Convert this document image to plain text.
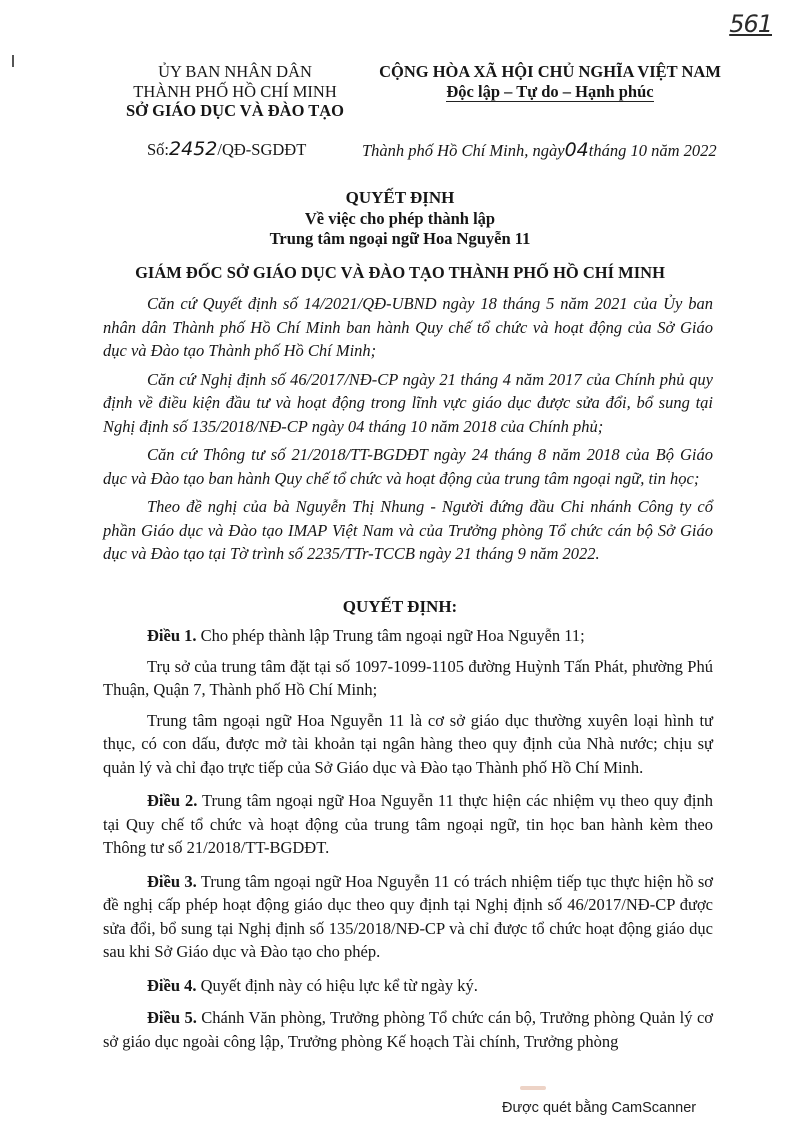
561
ỦY BAN NHÂN DÂN
THÀNH PHỐ HỒ CHÍ MINH
SỞ GIÁO DỤC VÀ ĐÀO TẠO
Số:2452/QĐ-SGDĐT
CỘNG HÒA XÃ HỘI CHỦ NGHĨA VIỆT NAM
Độc lập – Tự do – Hạnh phúc
Thành phố Hồ Chí Minh, ngày04tháng 10 năm 2022
QUYẾT ĐỊNH
Về việc cho phép thành lập
Trung tâm ngoại ngữ Hoa Nguyễn 11
GIÁM ĐỐC SỞ GIÁO DỤC VÀ ĐÀO TẠO THÀNH PHỐ HỒ CHÍ MINH

Căn cứ Quyết định số 14/2021/QĐ-UBND ngày 18 tháng 5 năm 2021 của Ủy ban nhân dân Thành phố Hồ Chí Minh ban hành Quy chế tổ chức và hoạt động của Sở Giáo dục và Đào tạo Thành phố Hồ Chí Minh;

Căn cứ Nghị định số 46/2017/NĐ-CP ngày 21 tháng 4 năm 2017 của Chính phủ quy định về điều kiện đầu tư và hoạt động trong lĩnh vực giáo dục được sửa đổi, bổ sung tại Nghị định số 135/2018/NĐ-CP ngày 04 tháng 10 năm 2018 của Chính phủ;

Căn cứ Thông tư số 21/2018/TT-BGDĐT ngày 24 tháng 8 năm 2018 của Bộ Giáo dục và Đào tạo ban hành Quy chế tổ chức và hoạt động của trung tâm ngoại ngữ, tin học;

Theo đề nghị của bà Nguyễn Thị Nhung - Người đứng đầu Chi nhánh Công ty cổ phần Giáo dục và Đào tạo IMAP Việt Nam và của Trưởng phòng Tổ chức cán bộ Sở Giáo dục và Đào tạo tại Tờ trình số 2235/TTr-TCCB ngày 21 tháng 9 năm 2022.

QUYẾT ĐỊNH:

Điều 1. Cho phép thành lập Trung tâm ngoại ngữ Hoa Nguyễn 11;

Trụ sở của trung tâm đặt tại số 1097-1099-1105 đường Huỳnh Tấn Phát, phường Phú Thuận, Quận 7, Thành phố Hồ Chí Minh;

Trung tâm ngoại ngữ Hoa Nguyễn 11 là cơ sở giáo dục thường xuyên loại hình tư thục, có con dấu, được mở tài khoản tại ngân hàng theo quy định của Nhà nước; chịu sự quản lý và chỉ đạo trực tiếp của Sở Giáo dục và Đào tạo Thành phố Hồ Chí Minh.

Điều 2. Trung tâm ngoại ngữ Hoa Nguyễn 11 thực hiện các nhiệm vụ theo quy định tại Quy chế tổ chức và hoạt động của trung tâm ngoại ngữ, tin học ban hành kèm theo Thông tư số 21/2018/TT-BGDĐT.

Điều 3. Trung tâm ngoại ngữ Hoa Nguyễn 11 có trách nhiệm tiếp tục thực hiện hồ sơ đề nghị cấp phép hoạt động giáo dục theo quy định tại Nghị định số 46/2017/NĐ-CP được sửa đổi, bổ sung tại Nghị định số 135/2018/NĐ-CP và chỉ được tổ chức hoạt động giáo dục sau khi Sở Giáo dục và Đào tạo cho phép.

Điều 4. Quyết định này có hiệu lực kể từ ngày ký.

Điều 5. Chánh Văn phòng, Trưởng phòng Tổ chức cán bộ, Trưởng phòng Quản lý cơ sở giáo dục ngoài công lập, Trưởng phòng Kế hoạch Tài chính, Trưởng phòng

Được quét bằng CamScanner
